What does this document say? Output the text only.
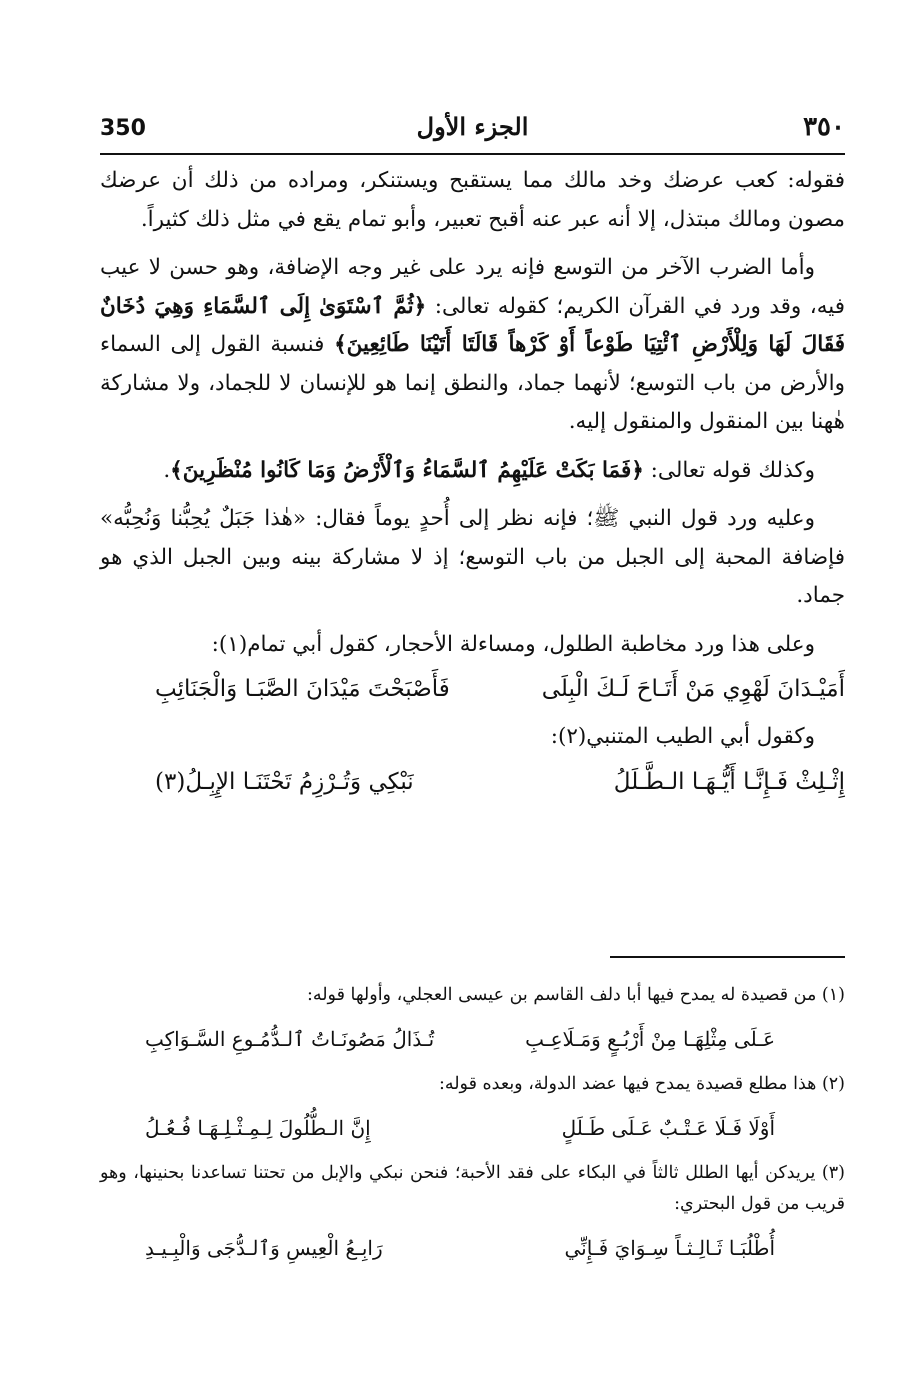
350	الجزء الأول	٣٥٠

فقوله: كعب عرضك وخد مالك مما يستقبح ويستنكر، ومراده من ذلك أن عرضك مصون ومالك مبتذل، إلا أنه عبر عنه أقبح تعبير، وأبو تمام يقع في مثل ذلك كثيراً.

وأما الضرب الآخر من التوسع فإنه يرد على غير وجه الإضافة، وهو حسن لا عيب فيه، وقد ورد في القرآن الكريم؛ كقوله تعالى: ﴿ثُمَّ ٱسْتَوَىٰ إِلَى ٱلسَّمَاءِ وَهِيَ دُخَانٌ فَقَالَ لَهَا وَلِلْأَرْضِ ٱئْتِيَا طَوْعاً أَوْ كَرْهاً قَالَتَا أَتَيْنَا طَائِعِينَ﴾ فنسبة القول إلى السماء والأرض من باب التوسع؛ لأنهما جماد، والنطق إنما هو للإنسان لا للجماد، ولا مشاركة هٰهنا بين المنقول والمنقول إليه.

وكذلك قوله تعالى: ﴿فَمَا بَكَتْ عَلَيْهِمُ ٱلسَّمَاءُ وَٱلْأَرْضُ وَمَا كَانُوا مُنْظَرِينَ﴾.

وعليه ورد قول النبي ﷺ؛ فإنه نظر إلى أُحدٍ يوماً فقال: «هٰذا جَبَلٌ يُحِبُّنا وَنُحِبُّه» فإضافة المحبة إلى الجبل من باب التوسع؛ إذ لا مشاركة بينه وبين الجبل الذي هو جماد.

وعلى هذا ورد مخاطبة الطلول، ومساءلة الأحجار، كقول أبي تمام(١):

أَمَيْـدَانَ لَهْوِي مَنْ أَتَـاحَ لَـكَ الْبِلَى
فَأَصْبَحْتَ مَيْدَانَ الصَّبَـا وَالْجَنَائِبِ

وكقول أبي الطيب المتنبي(٢):

إِثْـلِثْ فَـإِنَّـا أَيُّـهَـا الـطَّـلَلُ
نَبْكِي وَتُـرْزِمُ تَحْتَنَـا الإِبِـلُ(٣)

(١) من قصيدة له يمدح فيها أبا دلف القاسم بن عيسى العجلي، وأولها قوله:

عَـلَى مِثْلِهَـا مِنْ أَرْبُـعٍ وَمَـلَاعِـبِ
تُـذَالُ مَصُونَـاتُ ٱلـدُّمُـوعِ السَّـوَاكِبِ

(٢) هذا مطلع قصيدة يمدح فيها عضد الدولة، وبعده قوله:

أَوْلَا فَـلَا عَـتْـبٌ عَـلَى طَـلَلٍ
إِنَّ الـطُّلُولَ لِـمِـثْـلِـهَـا فُـعُـلُ

(٣) يريدكن أيها الطلل ثالثاً في البكاء على فقد الأحبة؛ فنحن نبكي والإبل من تحتنا تساعدنا بحنينها، وهو قريب من قول البحتري:

أُطْلُبَـا ثَـالِـثـاً سِـوَايَ فَـإِنِّي
رَابِـعُ الْعِيسِ وَٱلـدُّجَى وَالْبِـيـدِ
